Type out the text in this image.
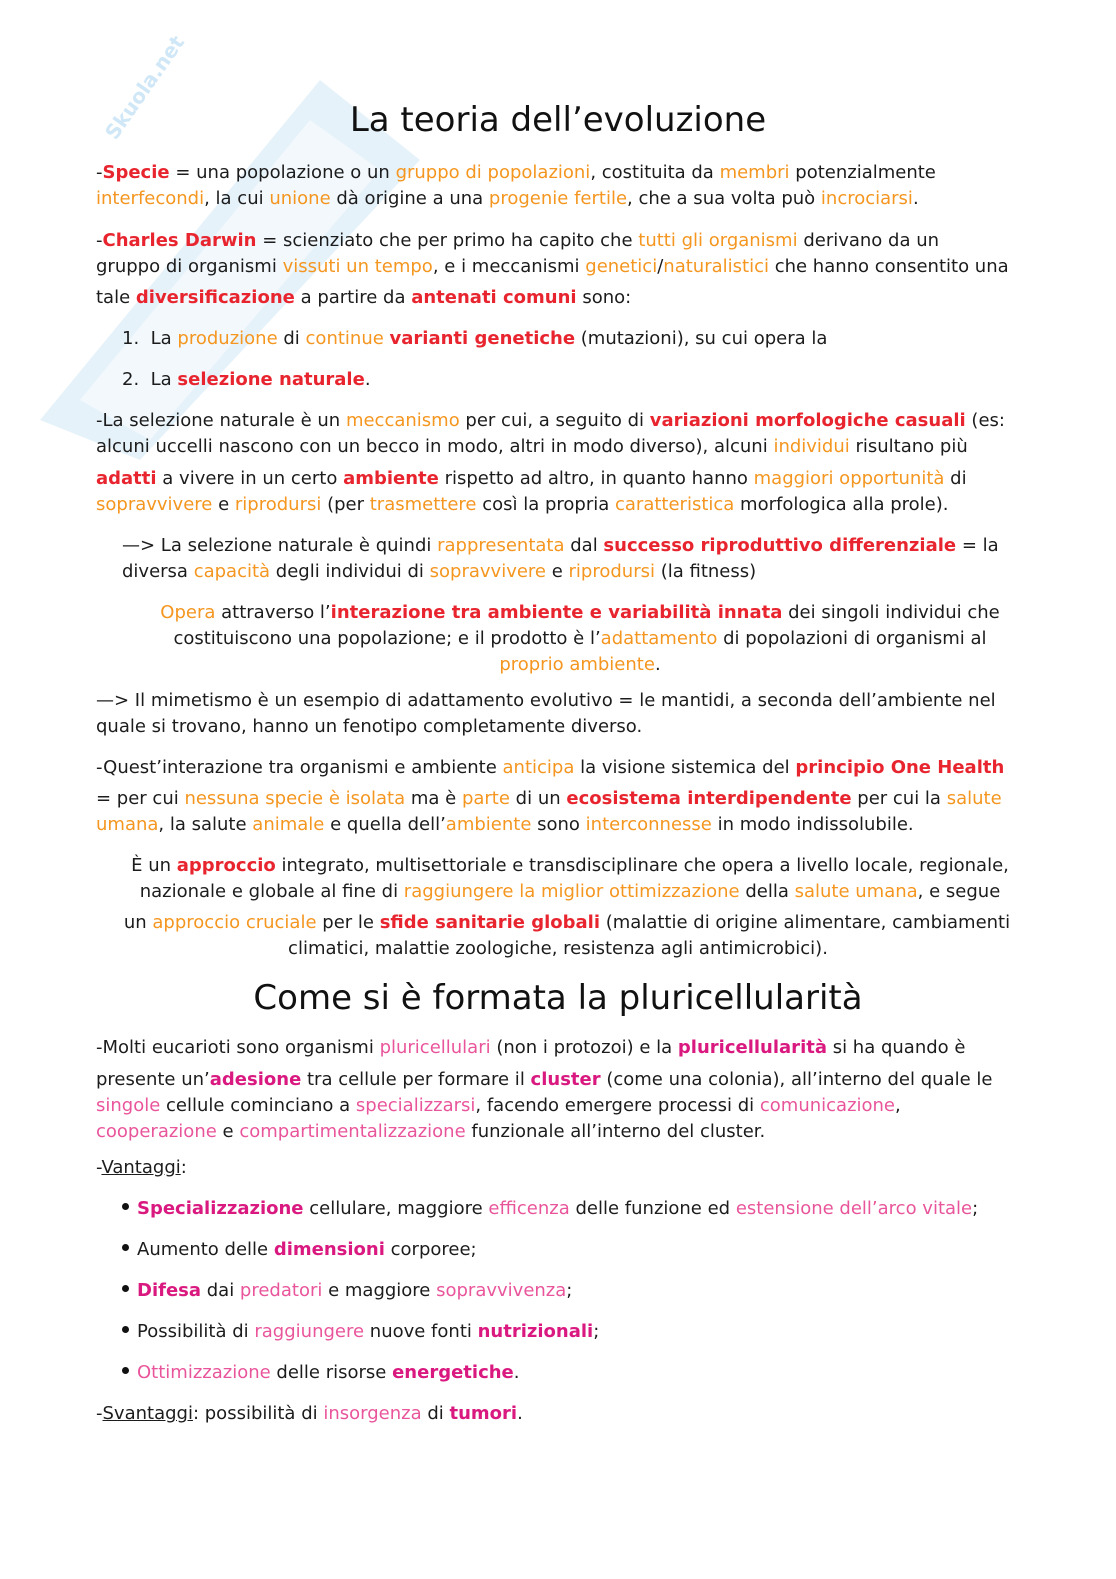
Skuola.net	La teoria dell’evoluzione
-Specie = una popolazione o un gruppo di popolazioni, costituita da membri potenzialmente
interfecondi, la cui unione dà origine a una progenie fertile, che a sua volta può incrociarsi.
-Charles Darwin = scienziato che per primo ha capito che tutti gli organismi derivano da un
gruppo di organismi vissuti un tempo, e i meccanismi genetici/naturalistici che hanno consentito una
tale diversificazione a partire da antenati comuni sono:
1. La produzione di continue varianti genetiche (mutazioni), su cui opera la
2. La selezione naturale.
-La selezione naturale è un meccanismo per cui, a seguito di variazioni morfologiche casuali (es:
alcuni uccelli nascono con un becco in modo, altri in modo diverso), alcuni individui risultano più
adatti a vivere in un certo ambiente rispetto ad altro, in quanto hanno maggiori opportunità di
sopravvivere e riprodursi (per trasmettere così la propria caratteristica morfologica alla prole).
—> La selezione naturale è quindi rappresentata dal successo riproduttivo differenziale = la
diversa capacità degli individui di sopravvivere e riprodursi (la fitness)
Opera attraverso l’interazione tra ambiente e variabilità innata dei singoli individui che
costituiscono una popolazione; e il prodotto è l’adattamento di popolazioni di organismi al
proprio ambiente.
—> Il mimetismo è un esempio di adattamento evolutivo = le mantidi, a seconda dell’ambiente nel
quale si trovano, hanno un fenotipo completamente diverso.
-Quest’interazione tra organismi e ambiente anticipa la visione sistemica del principio One Health
= per cui nessuna specie è isolata ma è parte di un ecosistema interdipendente per cui la salute
umana, la salute animale e quella dell’ambiente sono interconnesse in modo indissolubile.
È un approccio integrato, multisettoriale e transdisciplinare che opera a livello locale, regionale,
nazionale e globale al fine di raggiungere la miglior ottimizzazione della salute umana, e segue
un approccio cruciale per le sfide sanitarie globali (malattie di origine alimentare, cambiamenti
climatici, malattie zoologiche, resistenza agli antimicrobici).
Come si è formata la pluricellularità
-Molti eucarioti sono organismi pluricellulari (non i protozoi) e la pluricellularità si ha quando è
presente un’adesione tra cellule per formare il cluster (come una colonia), all’interno del quale le
singole cellule cominciano a specializzarsi, facendo emergere processi di comunicazione,
cooperazione e compartimentalizzazione funzionale all’interno del cluster.
-Vantaggi:
Specializzazione cellulare, maggiore efficenza delle funzione ed estensione dell’arco vitale;
Aumento delle dimensioni corporee;
Difesa dai predatori e maggiore sopravvivenza;
Possibilità di raggiungere nuove fonti nutrizionali;
Ottimizzazione delle risorse energetiche.
-Svantaggi: possibilità di insorgenza di tumori.
